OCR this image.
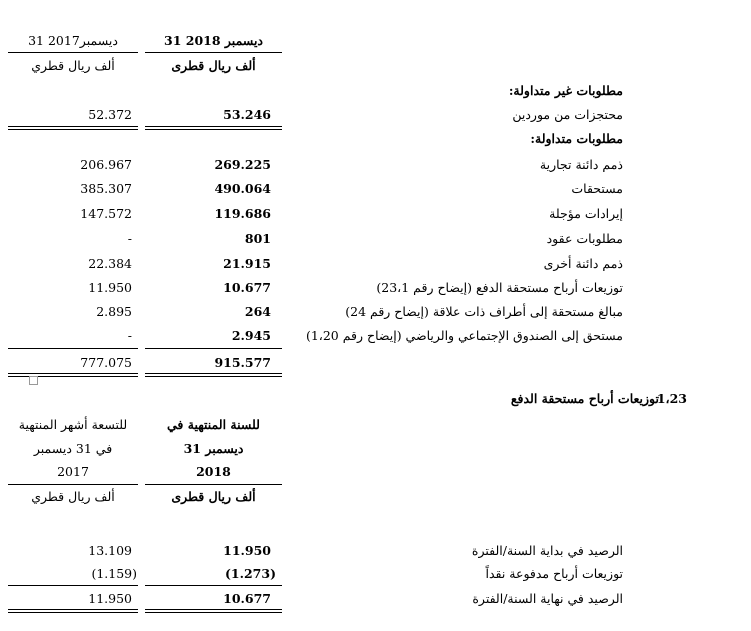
31 ديسمبر 2018
31 ديسمبر2017
ألف ريال قطرى
ألف ريال قطري
مطلوبات غير متداولة:
محتجزات من موردين
53.246
52.372
مطلوبات متداولة:
ذمم دائنة تجارية
269.225
206.967
مستحقات
490.064
385.307
إيرادات مؤجلة
119.686
147.572
مطلوبات عقود
801
-
ذمم دائنة أخرى
21.915
22.384
توزيعات أرباح مستحقة الدفع (إيضاح رقم 23،1)
10.677
11.950
مبالغ مستحقة إلى أطراف ذات علاقة (إيضاح رقم 24)
264
2.895
مستحق إلى الصندوق الإجتماعي والرياضي (إيضاح رقم 1،20)
2.945
-
915.577
777.075
توزيعات أرباح مستحقة الدفع
1،23
للسنة المنتهية في
للتسعة أشهر المنتهية
31 ديسمبر
في 31 ديسمبر
2018
2017
ألف ريال قطرى
ألف ريال قطري
الرصيد في بداية السنة/الفترة
11.950
13.109
توزيعات أرباح مدفوعة نقداً
(1.273)
(1.159)
الرصيد في نهاية السنة/الفترة
10.677
11.950
